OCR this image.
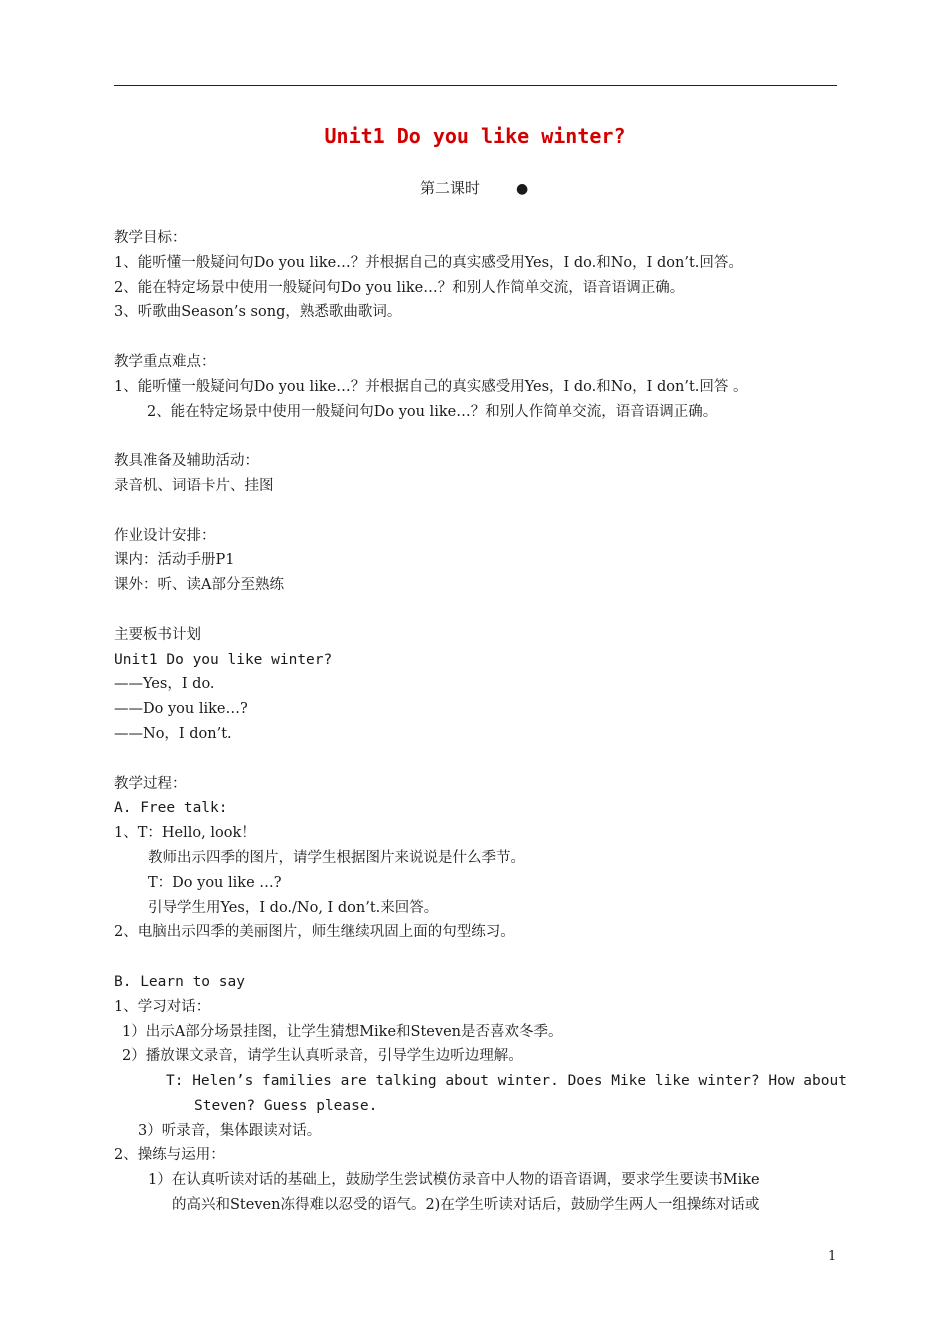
Unit1 Do you like winter?
第二课时	●
教学目标：
1、能听懂一般疑问句Do you like…？并根据自己的真实感受用Yes，I do.和No，I don’t.回答。
2、能在特定场景中使用一般疑问句Do you like…？和别人作简单交流，语音语调正确。
3、听歌曲Season’s song，熟悉歌曲歌词。
教学重点难点：
1、能听懂一般疑问句Do you like…？并根据自己的真实感受用Yes，I do.和No，I don’t.回答 。
2、能在特定场景中使用一般疑问句Do you like…？和别人作简单交流，语音语调正确。
教具准备及辅助活动：
录音机、词语卡片、挂图
作业设计安排：
课内：活动手册P1
课外：听、读A部分至熟练
主要板书计划
Unit1 Do you like winter?
——Yes，I do.
——Do you like…?
——No，I don’t.
教学过程：
A. Free talk:
1、T：Hello, look！
教师出示四季的图片，请学生根据图片来说说是什么季节。
T：Do you like …?
引导学生用Yes，I do./No, I don’t.来回答。
2、电脑出示四季的美丽图片，师生继续巩固上面的句型练习。
B. Learn to say
1、学习对话：
1）出示A部分场景挂图，让学生猜想Mike和Steven是否喜欢冬季。
2）播放课文录音，请学生认真听录音，引导学生边听边理解。
T: Helen’s families are talking about winter. Does Mike like winter? How about
Steven? Guess please.
3）听录音，集体跟读对话。
2、操练与运用：
1）在认真听读对话的基础上，鼓励学生尝试模仿录音中人物的语音语调，要求学生要读书Mike
的高兴和Steven冻得难以忍受的语气。2)在学生听读对话后，鼓励学生两人一组操练对话或
1
